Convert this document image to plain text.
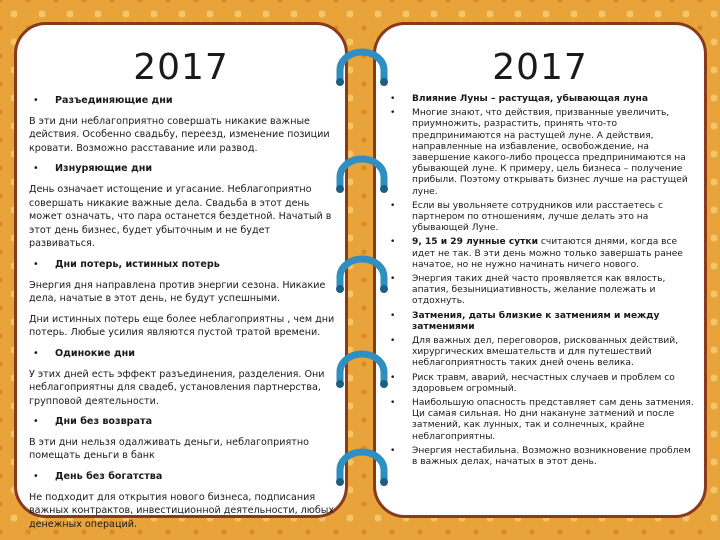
2017

• Разъединяющие дни

В эти дни неблагоприятно совершать никакие важные действия. Особенно свадьбу, переезд, изменение позиции кровати. Возможно расставание или развод.

• Изнуряющие дни

День означает истощение и угасание. Неблагоприятно совершать никакие важные дела. Свадьба в этот день может означать, что пара останется бездетной. Начатый в этот день бизнес, будет убыточным и не будет развиваться.

• Дни потерь, истинных потерь

Энергия дня направлена против энергии сезона. Никакие дела, начатые в этот день, не будут успешными.

Дни истинных потерь еще более неблагоприятны , чем дни потерь. Любые усилия являются пустой тратой времени.

• Одинокие дни

У этих дней есть эффект разъединения, разделения. Они неблагоприятны для свадеб, установления партнерства, групповой деятельности.

• Дни без возврата

В эти дни нельзя одалживать деньги, неблагоприятно помещать деньги в банк

• День без богатства

Не подходит для открытия нового бизнеса, подписания важных контрактов, инвестиционной деятельности, любых денежных операций.

2017
• Влияние Луны – растущая, убывающая луна
• Многие знают, что действия, призванные увеличить, приумножить, разрастить, принять что-то предпринимаются на растущей луне. А действия, направленные на избавление, освобождение, на завершение какого-либо процесса предпринимаются на убывающей луне. К примеру, цель бизнеса – получение прибыли. Поэтому открывать бизнес лучше на растущей луне.
• Если вы увольняете сотрудников или расстаетесь с партнером по отношениям, лучше делать это на убывающей Луне.
• 9, 15 и 29 лунные сутки считаются днями, когда все идет не так. В эти день можно только завершать ранее начатое, но не нужно начинать ничего нового.
• Энергия таких дней часто проявляется как вялость, апатия, безынициативность, желание полежать и отдохнуть.
• Затмения, даты близкие к затмениям и между затмениями
• Для важных дел, переговоров, рискованных действий, хирургических вмешательств и для путешествий неблагоприятность таких дней очень велика.
• Риск травм, аварий, несчастных случаев и проблем со здоровьем огромный.
• Наибольшую опасность представляет сам день затмения. Ци самая сильная. Но дни накануне затмений и после затмений, как лунных, так и солнечных, крайне неблагоприятны.
• Энергия нестабильна. Возможно возникновение проблем в важных делах, начатых в этот день.
